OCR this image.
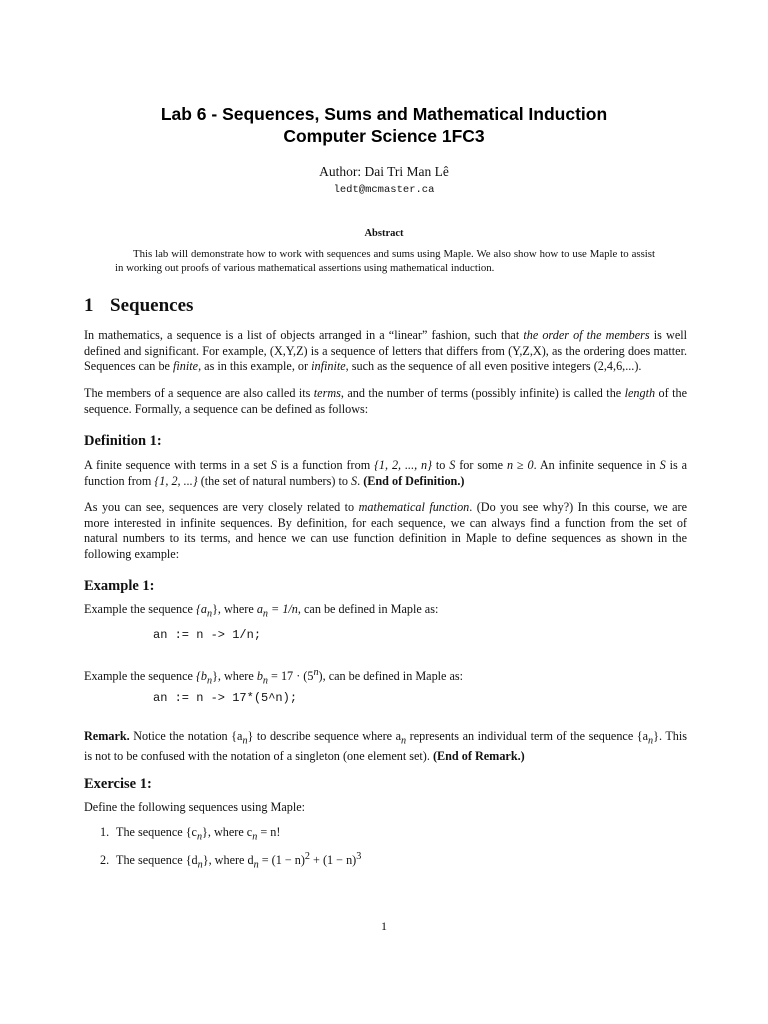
Lab 6 - Sequences, Sums and Mathematical Induction
Computer Science 1FC3
Author: Dai Tri Man Lê
ledt@mcmaster.ca
Abstract
This lab will demonstrate how to work with sequences and sums using Maple. We also show how to use Maple to assist in working out proofs of various mathematical assertions using mathematical induction.
1 Sequences
In mathematics, a sequence is a list of objects arranged in a “linear” fashion, such that the order of the members is well defined and significant. For example, (X,Y,Z) is a sequence of letters that differs from (Y,Z,X), as the ordering does matter. Sequences can be finite, as in this example, or infinite, such as the sequence of all even positive integers (2,4,6,...).
The members of a sequence are also called its terms, and the number of terms (possibly infinite) is called the length of the sequence. Formally, a sequence can be defined as follows:
Definition 1:
A finite sequence with terms in a set S is a function from {1, 2, ..., n} to S for some n ≥ 0. An infinite sequence in S is a function from {1, 2, ...} (the set of natural numbers) to S. (End of Definition.)
As you can see, sequences are very closely related to mathematical function. (Do you see why?) In this course, we are more interested in infinite sequences. By definition, for each sequence, we can always find a function from the set of natural numbers to its terms, and hence we can use function definition in Maple to define sequences as shown in the following example:
Example 1:
Example the sequence $\{a_n\}$, where $a_n = 1/n$, can be defined in Maple as:
an := n -> 1/n;
Example the sequence $\{b_n\}$, where $b_n = 17 \cdot (5^n)$, can be defined in Maple as:
an := n -> 17*(5^n);
Remark. Notice the notation $\{a_n\}$ to describe sequence where $a_n$ represents an individual term of the sequence $\{a_n\}$. This is not to be confused with the notation of a singleton (one element set). (End of Remark.)
Exercise 1:
Define the following sequences using Maple:
1. The sequence $\{c_n\}$, where $c_n = n$!
2. The sequence $\{d_n\}$, where $d_n = (1 - n)^2 + (1 - n)^3$
1
